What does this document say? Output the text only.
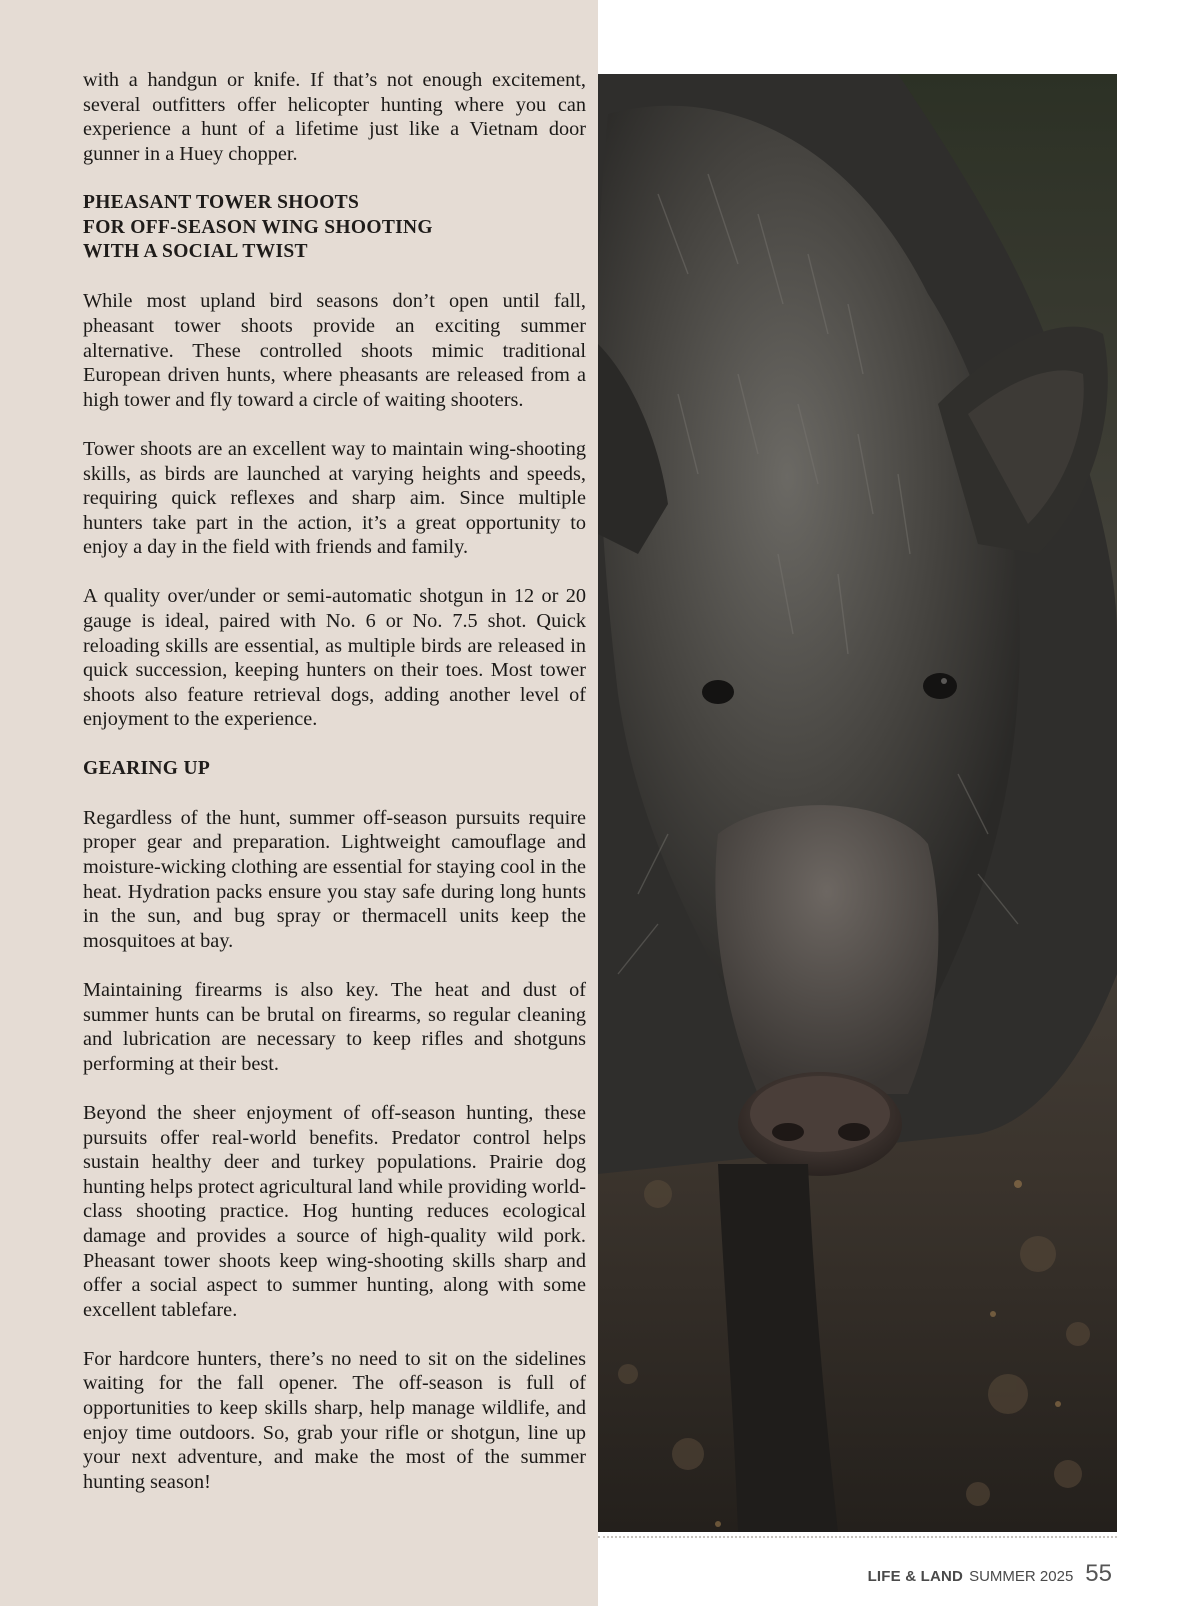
with a handgun or knife. If that’s not enough excitement, several outfitters offer helicopter hunting where you can experience a hunt of a lifetime just like a Vietnam door gunner in a Huey chopper.

PHEASANT TOWER SHOOTS
FOR OFF-SEASON WING SHOOTING
WITH A SOCIAL TWIST

While most upland bird seasons don’t open until fall, pheasant tower shoots provide an exciting summer alternative. These controlled shoots mimic traditional European driven hunts, where pheasants are released from a high tower and fly toward a circle of waiting shooters.

Tower shoots are an excellent way to maintain wing-shooting skills, as birds are launched at varying heights and speeds, requiring quick reflexes and sharp aim. Since multiple hunters take part in the action, it’s a great opportunity to enjoy a day in the field with friends and family.

A quality over/under or semi-automatic shotgun in 12 or 20 gauge is ideal, paired with No. 6 or No. 7.5 shot. Quick reloading skills are essential, as multiple birds are released in quick succession, keeping hunters on their toes. Most tower shoots also feature retrieval dogs, adding another level of enjoyment to the experience.

GEARING UP

Regardless of the hunt, summer off-season pursuits require proper gear and preparation. Lightweight camouflage and moisture-wicking clothing are essential for staying cool in the heat. Hydration packs ensure you stay safe during long hunts in the sun, and bug spray or thermacell units keep the mosquitoes at bay.

Maintaining firearms is also key. The heat and dust of summer hunts can be brutal on firearms, so regular cleaning and lubrication are necessary to keep rifles and shotguns performing at their best.

Beyond the sheer enjoyment of off-season hunting, these pursuits offer real-world benefits. Predator control helps sustain healthy deer and turkey populations. Prairie dog hunting helps protect agricultural land while providing world-class shooting practice. Hog hunting reduces ecological damage and provides a source of high-quality wild pork. Pheasant tower shoots keep wing-shooting skills sharp and offer a social aspect to summer hunting, along with some excellent tablefare.

For hardcore hunters, there’s no need to sit on the sidelines waiting for the fall opener. The off-season is full of opportunities to keep skills sharp, help manage wildlife, and enjoy time outdoors. So, grab your rifle or shotgun, line up your next adventure, and make the most of the summer hunting season!

LIFE & LAND SUMMER 2025 55
